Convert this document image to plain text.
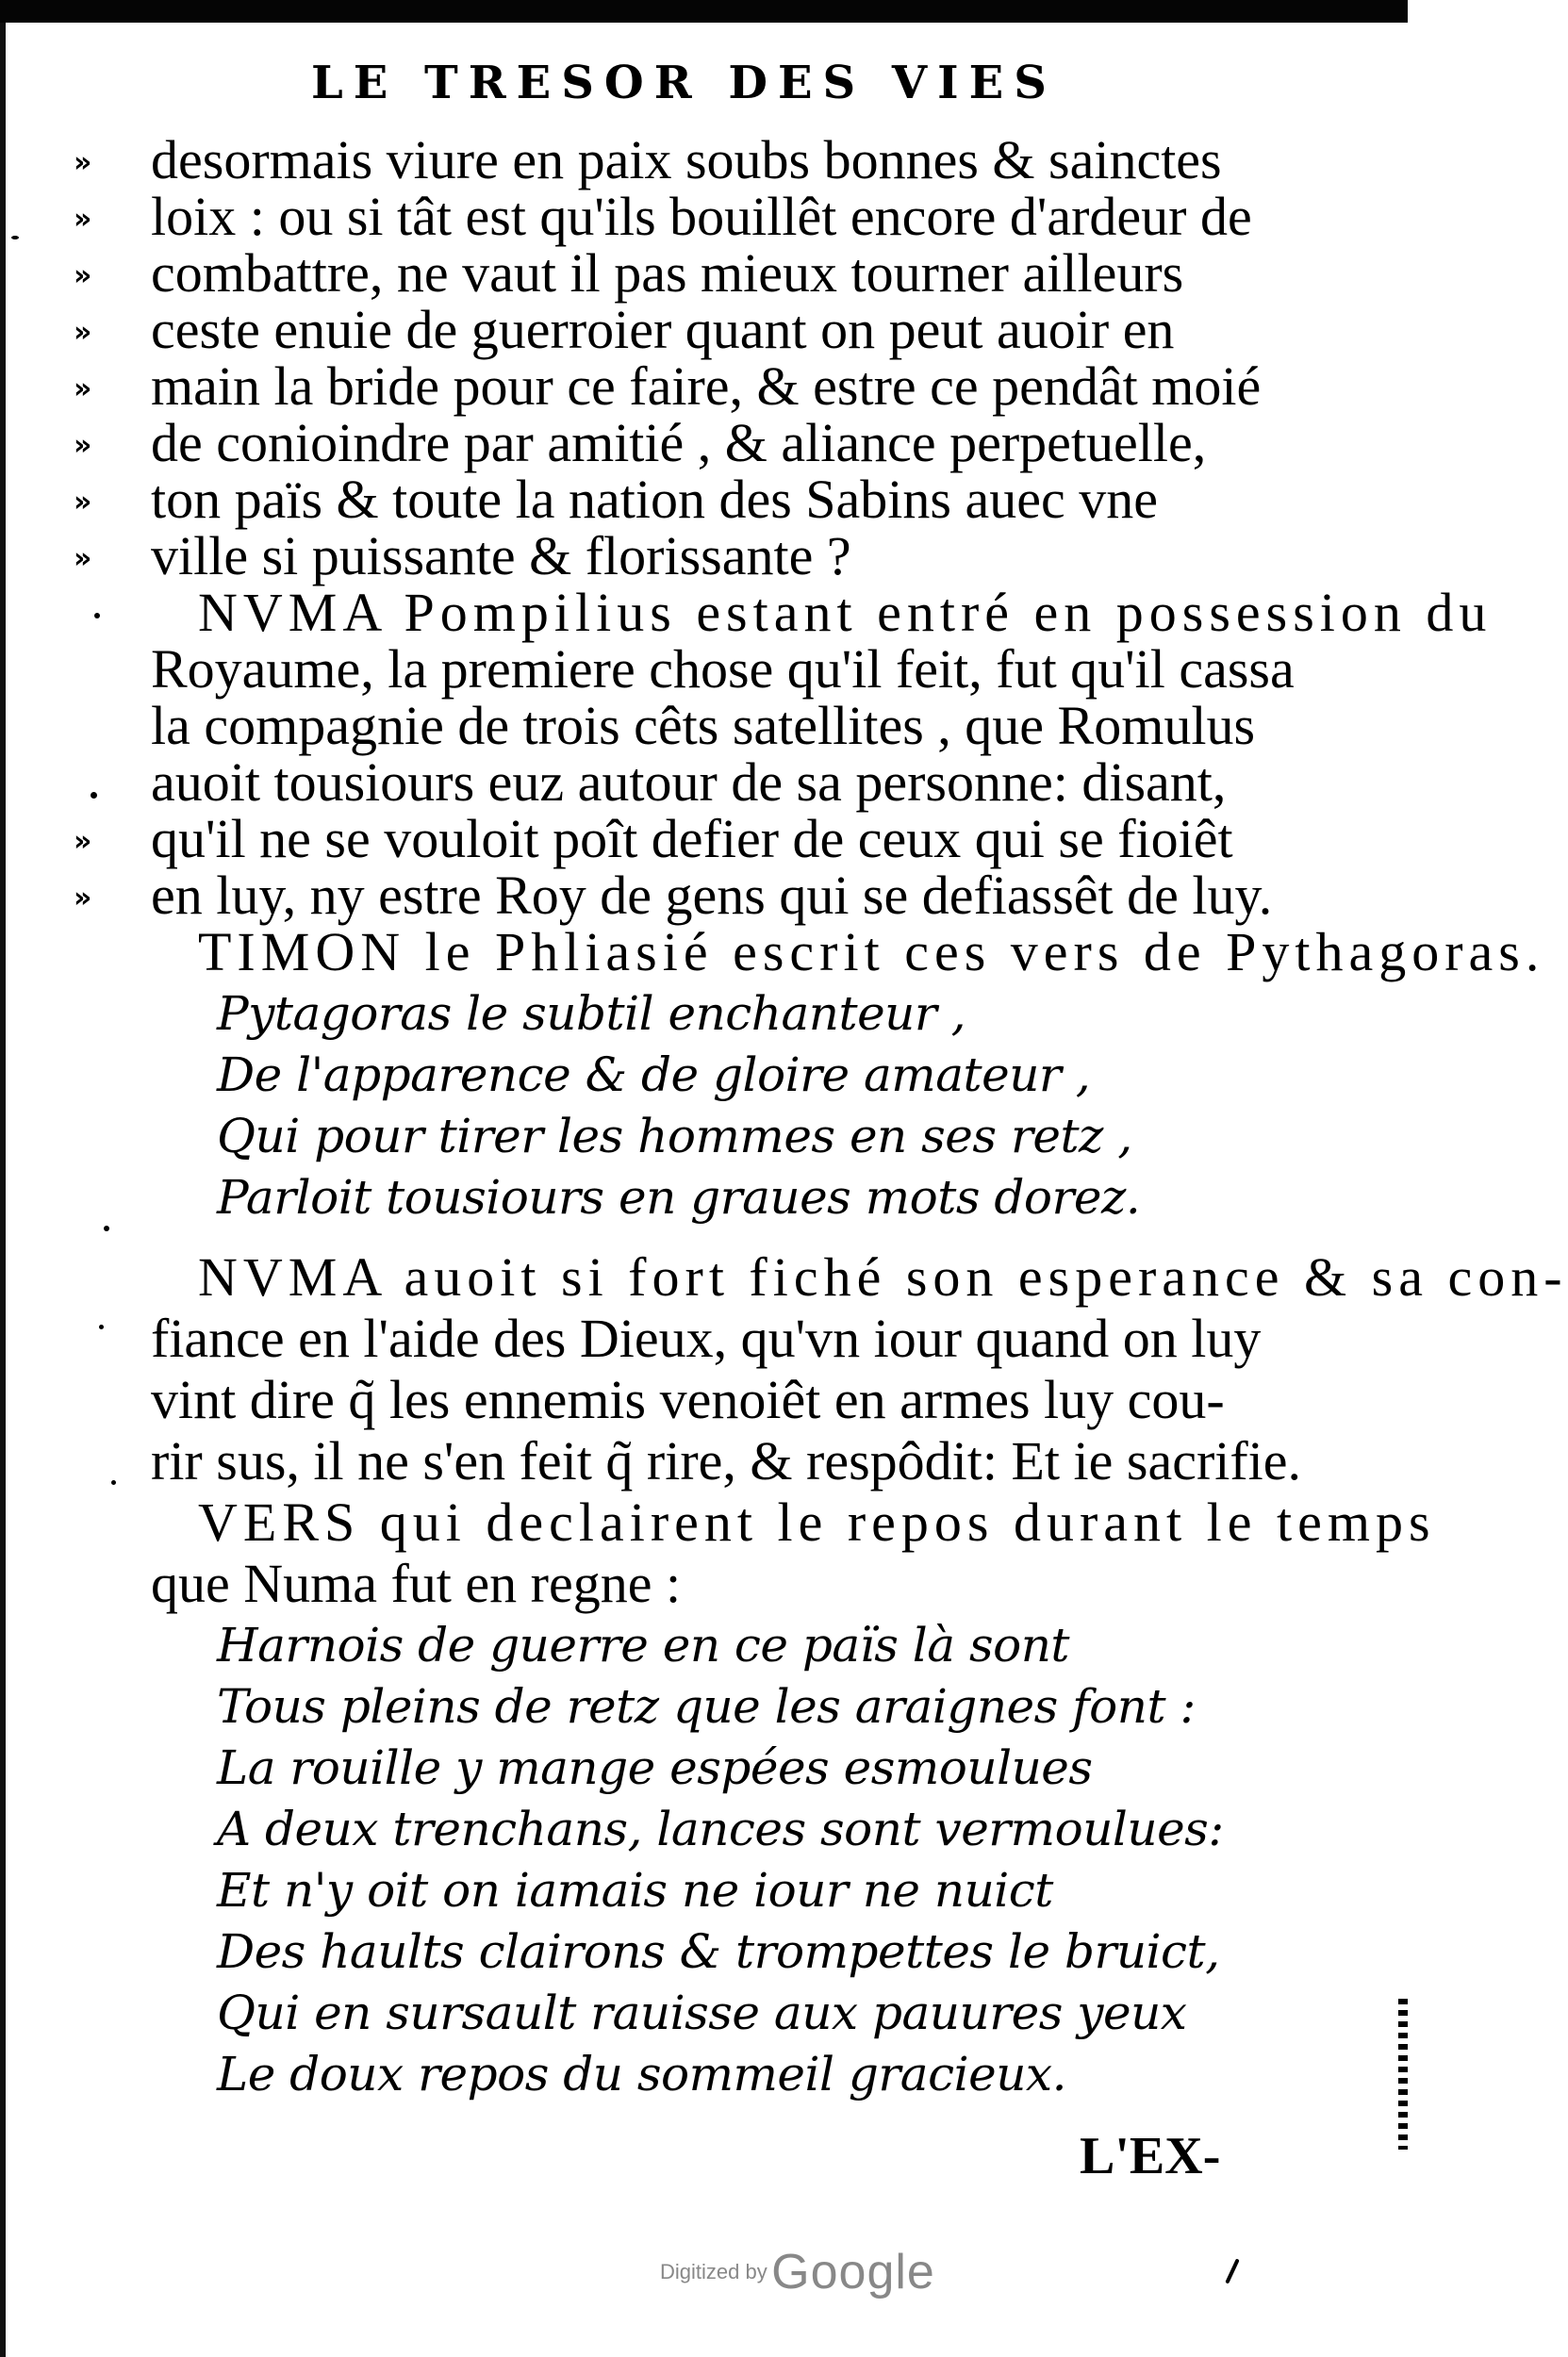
LE TRESOR DES VIES
»
»
»
»
»
»
»
»
»
»
desormais viure en paix soubs bonnes & sainctes
loix : ou si tât est qu'ils bouillêt encore d'ardeur de
combattre, ne vaut il pas mieux tourner ailleurs
ceste enuie de guerroier quant on peut auoir en
main la bride pour ce faire, & estre ce pendât moié
de conioindre par amitié , & aliance perpetuelle,
ton païs & toute la nation des Sabins auec vne
ville si puissante & florissante ?
NVMA Pompilius estant entré en possession du
Royaume, la premiere chose qu'il feit, fut qu'il cassa
la compagnie de trois cêts satellites , que Romulus
auoit tousiours euz autour de sa personne: disant,
qu'il ne se vouloit poît defier de ceux qui se fioiêt
en luy, ny estre Roy de gens qui se defiassêt de luy.
TIMON le Phliasié escrit ces vers de Pythagoras.
Pytagoras le subtil enchanteur ,
De l'apparence & de gloire amateur ,
Qui pour tirer les hommes en ses retz ,
Parloit tousiours en graues mots dorez.
NVMA auoit si fort fiché son esperance & sa con-
fiance en l'aide des Dieux, qu'vn iour quand on luy
vint dire q̃ les ennemis venoiêt en armes luy cou-
rir sus, il ne s'en feit q̃ rire, & respôdit: Et ie sacrifie.
VERS qui declairent le repos durant le temps
que Numa fut en regne :
Harnois de guerre en ce païs là sont
Tous pleins de retz que les araignes font :
La rouille y mange espées esmoulues
A deux trenchans, lances sont vermoulues:
Et n'y oit on iamais ne iour ne nuict
Des haults clairons & trompettes le bruict,
Qui en sursault rauisse aux pauures yeux
Le doux repos du sommeil gracieux.
L'EX-
Digitized by Google
